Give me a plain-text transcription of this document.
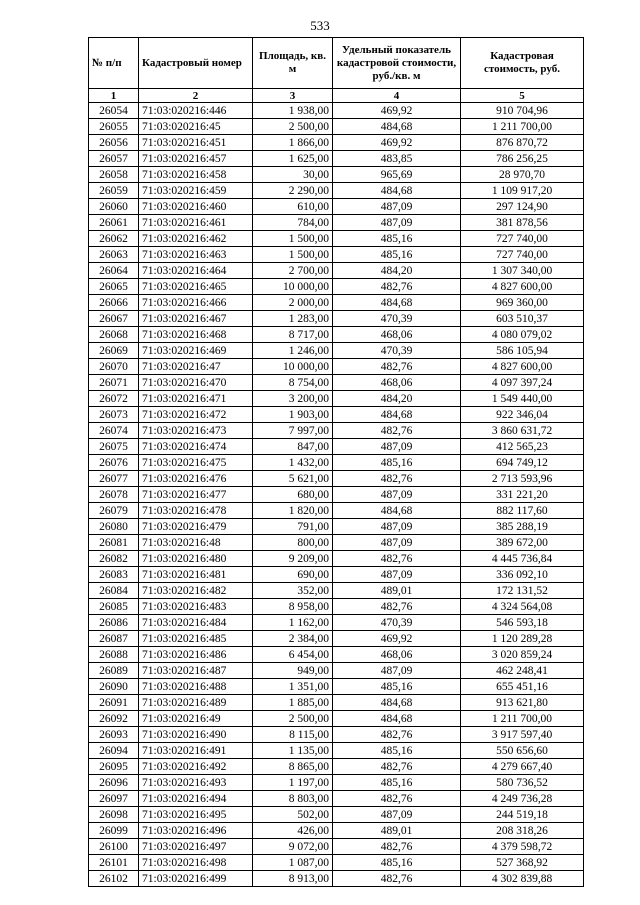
533
№ п/п	Кадастровый номер	Площадь, кв. м	Удельный показатель кадастровой стоимости, руб./кв. м	Кадастровая стоимость, руб.
1	2	3	4	5
26054	71:03:020216:446	1 938,00	469,92	910 704,96
26055	71:03:020216:45	2 500,00	484,68	1 211 700,00
26056	71:03:020216:451	1 866,00	469,92	876 870,72
26057	71:03:020216:457	1 625,00	483,85	786 256,25
26058	71:03:020216:458	30,00	965,69	28 970,70
26059	71:03:020216:459	2 290,00	484,68	1 109 917,20
26060	71:03:020216:460	610,00	487,09	297 124,90
26061	71:03:020216:461	784,00	487,09	381 878,56
26062	71:03:020216:462	1 500,00	485,16	727 740,00
26063	71:03:020216:463	1 500,00	485,16	727 740,00
26064	71:03:020216:464	2 700,00	484,20	1 307 340,00
26065	71:03:020216:465	10 000,00	482,76	4 827 600,00
26066	71:03:020216:466	2 000,00	484,68	969 360,00
26067	71:03:020216:467	1 283,00	470,39	603 510,37
26068	71:03:020216:468	8 717,00	468,06	4 080 079,02
26069	71:03:020216:469	1 246,00	470,39	586 105,94
26070	71:03:020216:47	10 000,00	482,76	4 827 600,00
26071	71:03:020216:470	8 754,00	468,06	4 097 397,24
26072	71:03:020216:471	3 200,00	484,20	1 549 440,00
26073	71:03:020216:472	1 903,00	484,68	922 346,04
26074	71:03:020216:473	7 997,00	482,76	3 860 631,72
26075	71:03:020216:474	847,00	487,09	412 565,23
26076	71:03:020216:475	1 432,00	485,16	694 749,12
26077	71:03:020216:476	5 621,00	482,76	2 713 593,96
26078	71:03:020216:477	680,00	487,09	331 221,20
26079	71:03:020216:478	1 820,00	484,68	882 117,60
26080	71:03:020216:479	791,00	487,09	385 288,19
26081	71:03:020216:48	800,00	487,09	389 672,00
26082	71:03:020216:480	9 209,00	482,76	4 445 736,84
26083	71:03:020216:481	690,00	487,09	336 092,10
26084	71:03:020216:482	352,00	489,01	172 131,52
26085	71:03:020216:483	8 958,00	482,76	4 324 564,08
26086	71:03:020216:484	1 162,00	470,39	546 593,18
26087	71:03:020216:485	2 384,00	469,92	1 120 289,28
26088	71:03:020216:486	6 454,00	468,06	3 020 859,24
26089	71:03:020216:487	949,00	487,09	462 248,41
26090	71:03:020216:488	1 351,00	485,16	655 451,16
26091	71:03:020216:489	1 885,00	484,68	913 621,80
26092	71:03:020216:49	2 500,00	484,68	1 211 700,00
26093	71:03:020216:490	8 115,00	482,76	3 917 597,40
26094	71:03:020216:491	1 135,00	485,16	550 656,60
26095	71:03:020216:492	8 865,00	482,76	4 279 667,40
26096	71:03:020216:493	1 197,00	485,16	580 736,52
26097	71:03:020216:494	8 803,00	482,76	4 249 736,28
26098	71:03:020216:495	502,00	487,09	244 519,18
26099	71:03:020216:496	426,00	489,01	208 318,26
26100	71:03:020216:497	9 072,00	482,76	4 379 598,72
26101	71:03:020216:498	1 087,00	485,16	527 368,92
26102	71:03:020216:499	8 913,00	482,76	4 302 839,88
